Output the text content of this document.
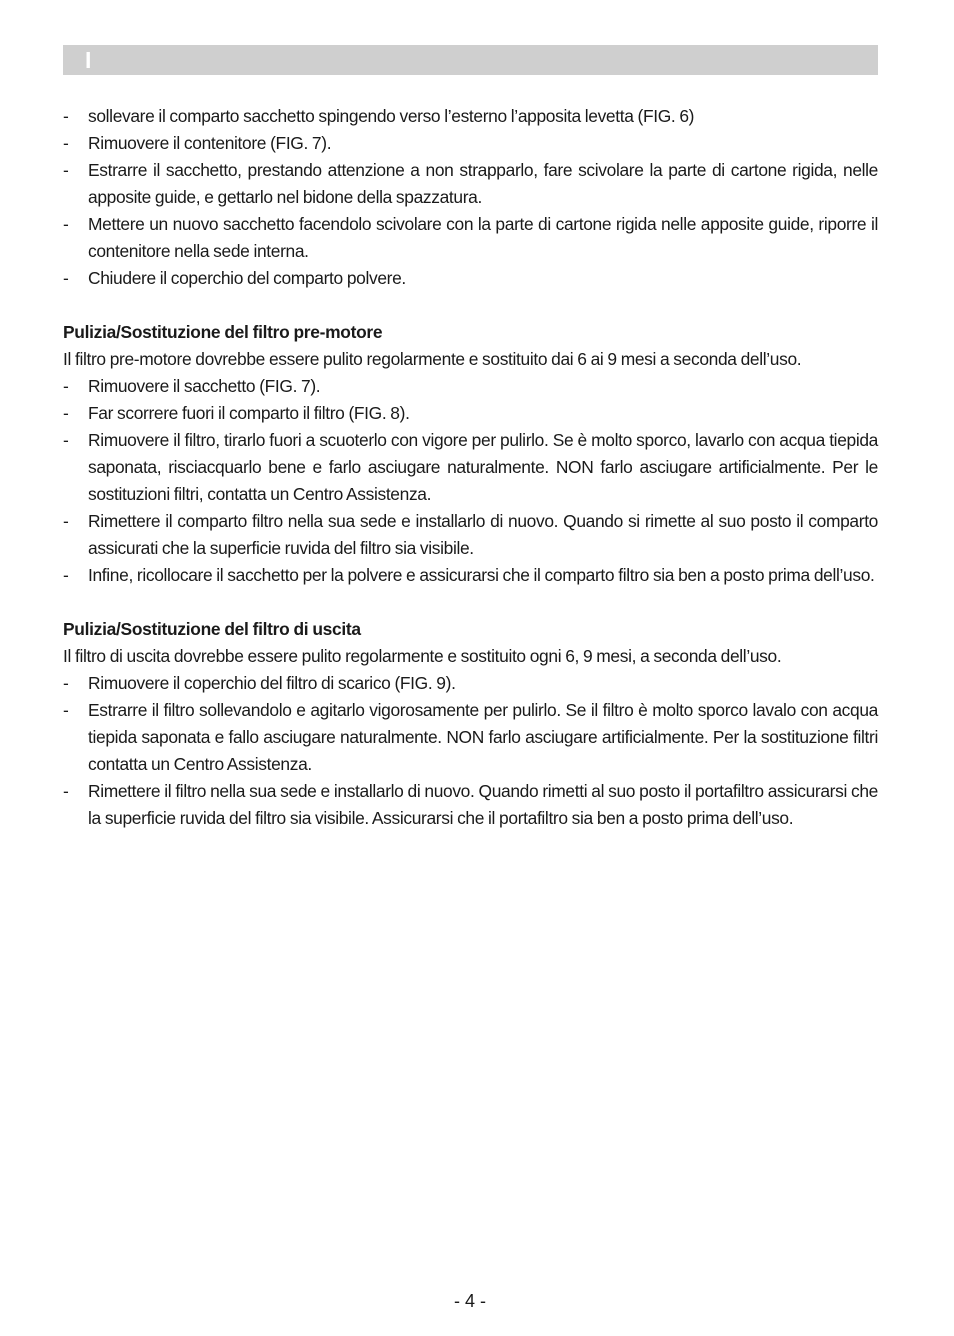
I
- sollevare il comparto sacchetto spingendo verso l’esterno l’apposita levetta (FIG. 6)
- Rimuovere il contenitore (FIG. 7).
- Estrarre il sacchetto, prestando attenzione a non strapparlo, fare scivolare la parte di cartone rigida, nelle apposite guide, e gettarlo nel bidone della spazzatura.
- Mettere un nuovo sacchetto facendolo scivolare con la parte di cartone rigida nelle apposite guide, riporre il contenitore nella sede interna.
- Chiudere il coperchio del comparto polvere.
Pulizia/Sostituzione del filtro pre-motore

Il filtro pre-motore dovrebbe essere pulito regolarmente e sostituito dai 6 ai 9 mesi a seconda dell’uso.

- Rimuovere il sacchetto (FIG. 7).
- Far scorrere fuori il comparto il filtro (FIG. 8).
- Rimuovere il filtro, tirarlo fuori a scuoterlo con vigore per pulirlo. Se è molto sporco, lavarlo con acqua tiepida saponata, risciacquarlo bene e farlo asciugare naturalmente. NON farlo asciugare artificialmente. Per le sostituzioni filtri, contatta un Centro Assistenza.
- Rimettere il comparto filtro nella sua sede e installarlo di nuovo. Quando si rimette al suo posto il comparto assicurati che la superficie ruvida del filtro sia visibile.
- Infine, ricollocare il sacchetto per la polvere e assicurarsi che il comparto filtro sia ben a posto prima dell’uso.
Pulizia/Sostituzione del filtro di uscita

Il filtro di uscita dovrebbe essere pulito regolarmente e sostituito ogni 6, 9 mesi, a seconda dell’uso.

- Rimuovere il coperchio del filtro di scarico (FIG. 9).
- Estrarre il filtro sollevandolo e agitarlo vigorosamente per pulirlo. Se il filtro è molto sporco lavalo con acqua tiepida saponata e fallo asciugare naturalmente. NON farlo asciugare artificialmente. Per la sostituzione filtri contatta un Centro Assistenza.
- Rimettere il filtro nella sua sede e installarlo di nuovo. Quando rimetti al suo posto il portafiltro assicurarsi che la superficie ruvida del filtro sia visibile. Assicurarsi che il portafiltro sia ben a posto prima dell’uso.
- 4 -
